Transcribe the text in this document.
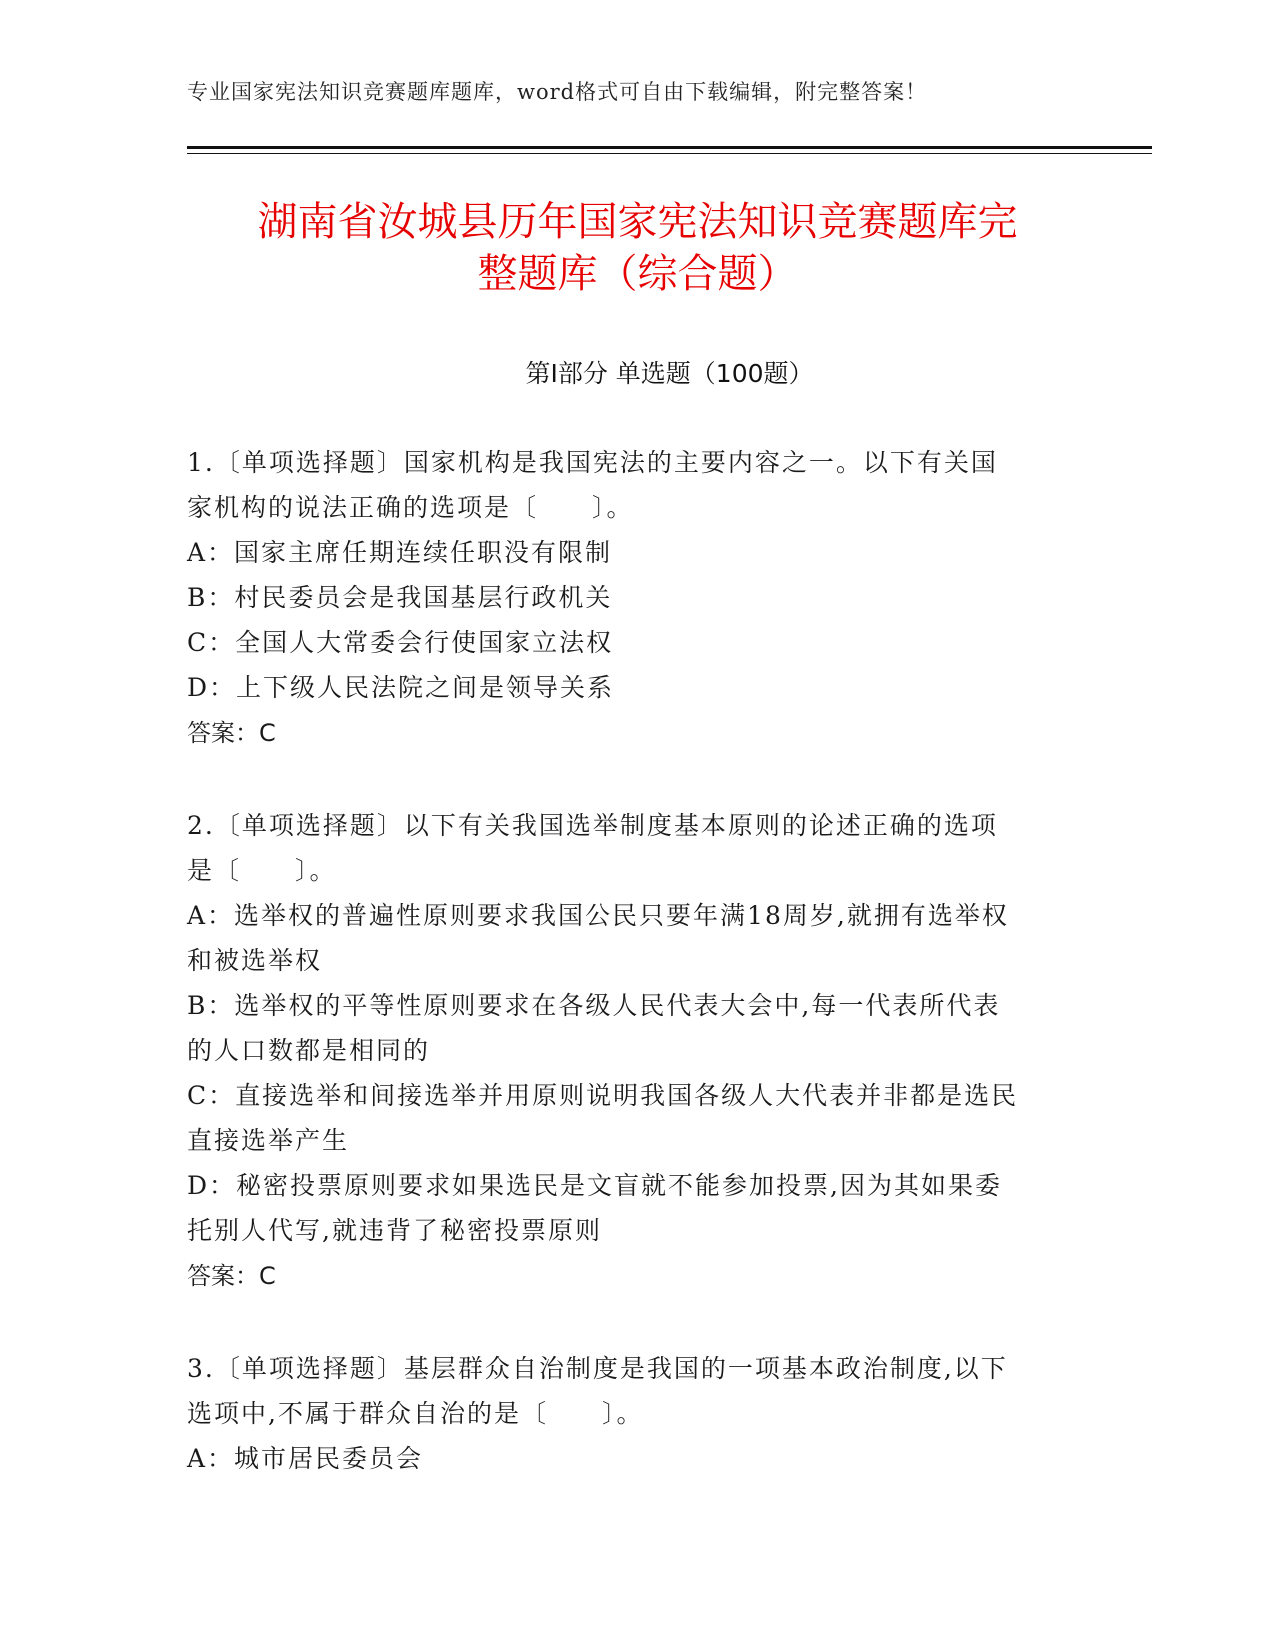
专业国家宪法知识竞赛题库题库，word格式可自由下载编辑，附完整答案！
湖南省汝城县历年国家宪法知识竞赛题库完
整题库（综合题）
第Ⅰ部分 单选题（100题）

1.〔单项选择题〕国家机构是我国宪法的主要内容之一。以下有关国

家机构的说法正确的选项是〔　　〕。

A：国家主席任期连续任职没有限制

B：村民委员会是我国基层行政机关

C：全国人大常委会行使国家立法权

D：上下级人民法院之间是领导关系

答案：C

2.〔单项选择题〕以下有关我国选举制度基本原则的论述正确的选项

是〔　　〕。

A：选举权的普遍性原则要求我国公民只要年满18周岁,就拥有选举权

和被选举权

B：选举权的平等性原则要求在各级人民代表大会中,每一代表所代表

的人口数都是相同的

C：直接选举和间接选举并用原则说明我国各级人大代表并非都是选民

直接选举产生

D：秘密投票原则要求如果选民是文盲就不能参加投票,因为其如果委

托别人代写,就违背了秘密投票原则

答案：C

3.〔单项选择题〕基层群众自治制度是我国的一项基本政治制度,以下

选项中,不属于群众自治的是〔　　〕。

A：城市居民委员会
